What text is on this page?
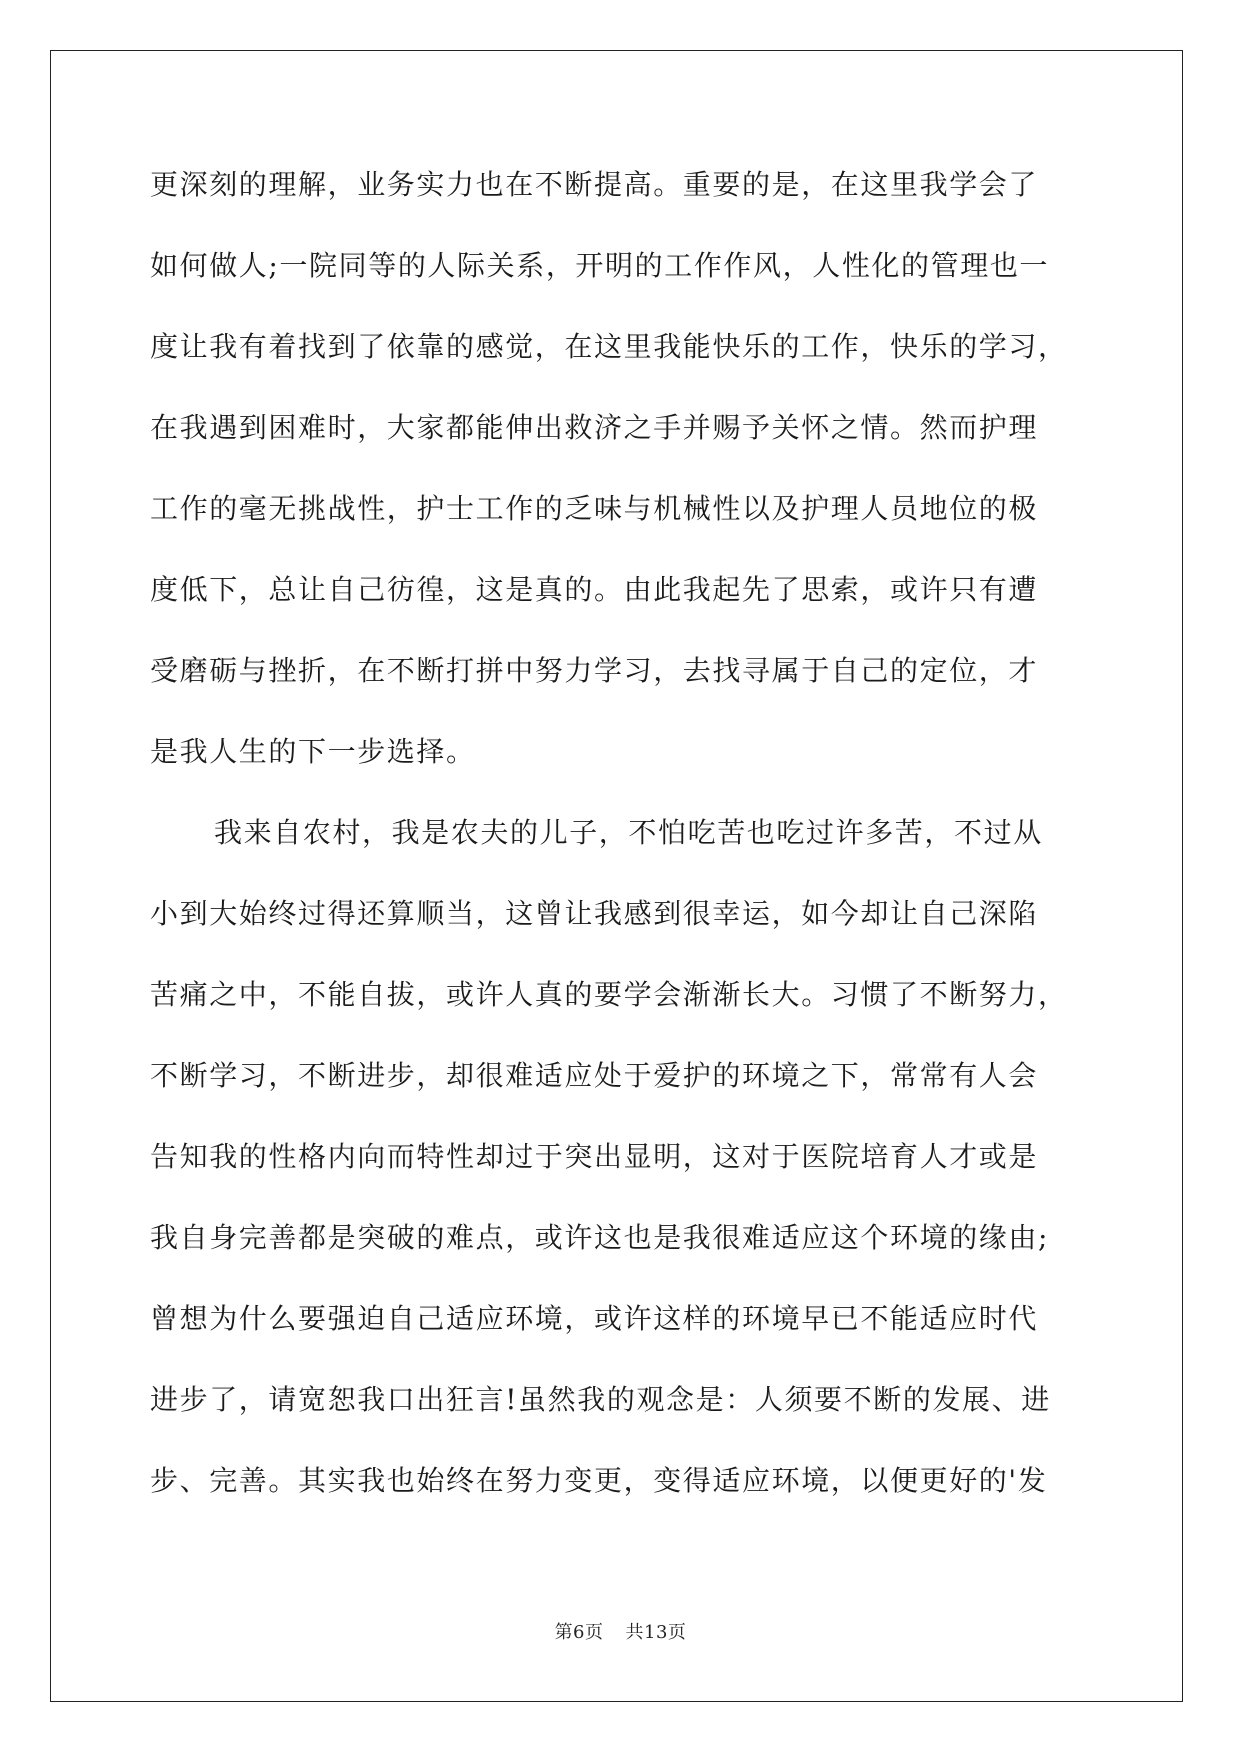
更深刻的理解，业务实力也在不断提高。重要的是，在这里我学会了
如何做人;一院同等的人际关系，开明的工作作风，人性化的管理也一
度让我有着找到了依靠的感觉，在这里我能快乐的工作，快乐的学习，
在我遇到困难时，大家都能伸出救济之手并赐予关怀之情。然而护理
工作的毫无挑战性，护士工作的乏味与机械性以及护理人员地位的极
度低下，总让自己彷徨，这是真的。由此我起先了思索，或许只有遭
受磨砺与挫折，在不断打拼中努力学习，去找寻属于自己的定位，才
是我人生的下一步选择。
我来自农村，我是农夫的儿子，不怕吃苦也吃过许多苦，不过从
小到大始终过得还算顺当，这曾让我感到很幸运，如今却让自己深陷
苦痛之中，不能自拔，或许人真的要学会渐渐长大。习惯了不断努力，
不断学习，不断进步，却很难适应处于爱护的环境之下，常常有人会
告知我的性格内向而特性却过于突出显明，这对于医院培育人才或是
我自身完善都是突破的难点，或许这也是我很难适应这个环境的缘由;
曾想为什么要强迫自己适应环境，或许这样的环境早已不能适应时代
进步了，请宽恕我口出狂言!虽然我的观念是：人须要不断的发展、进
步、完善。其实我也始终在努力变更，变得适应环境，以便更好的'发
第6页 共13页
